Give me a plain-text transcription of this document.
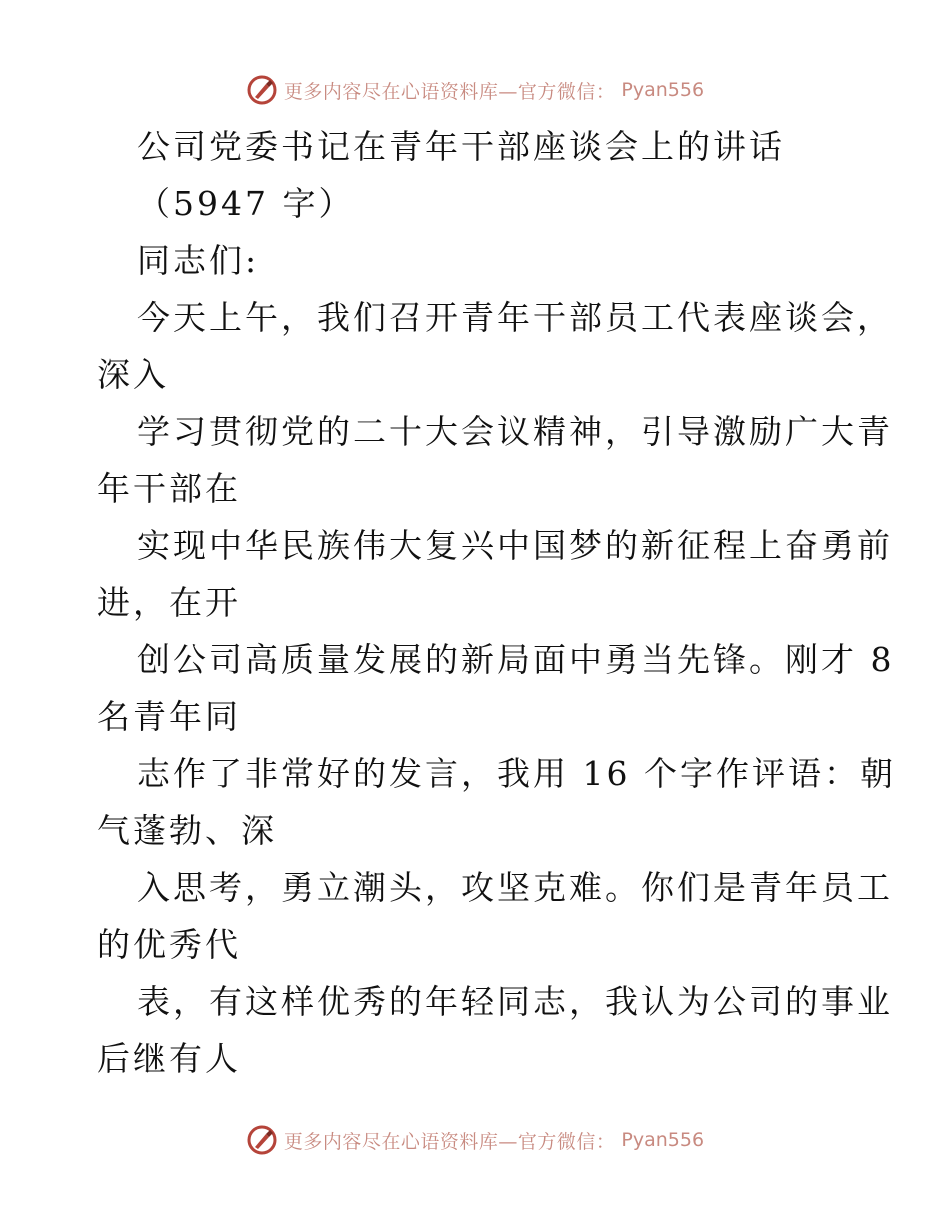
更多内容尽在心语资料库—官方微信： Pyan556
公司党委书记在青年干部座谈会上的讲话
（5947 字）
同志们:
今天上午，我们召开青年干部员工代表座谈会，
深入
学习贯彻党的二十大会议精神，引导激励广大青
年干部在
实现中华民族伟大复兴中国梦的新征程上奋勇前
进，在开
创公司高质量发展的新局面中勇当先锋。刚才 8
名青年同
志作了非常好的发言，我用 16 个字作评语：朝
气蓬勃、深
入思考，勇立潮头，攻坚克难。你们是青年员工
的优秀代
表，有这样优秀的年轻同志，我认为公司的事业
后继有人
更多内容尽在心语资料库—官方微信： Pyan556
